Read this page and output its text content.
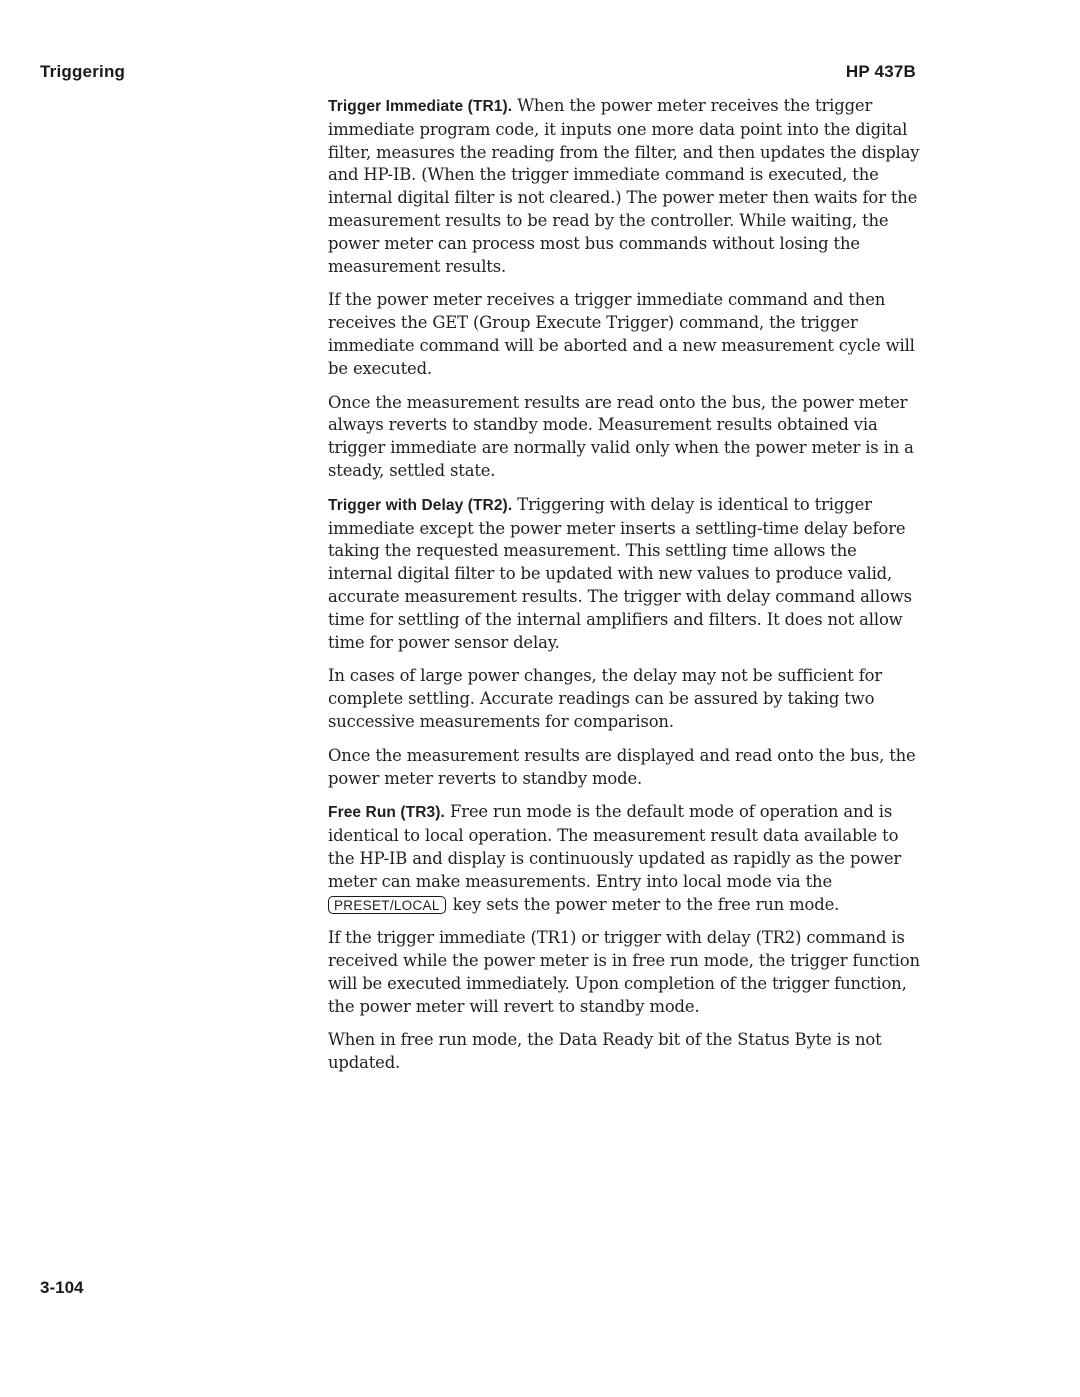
Triggering	HP 437B

Trigger Immediate (TR1). When the power meter receives the trigger immediate program code, it inputs one more data point into the digital filter, measures the reading from the filter, and then updates the display and HP-IB. (When the trigger immediate command is executed, the internal digital filter is not cleared.) The power meter then waits for the measurement results to be read by the controller. While waiting, the power meter can process most bus commands without losing the measurement results.

If the power meter receives a trigger immediate command and then receives the GET (Group Execute Trigger) command, the trigger immediate command will be aborted and a new measurement cycle will be executed.

Once the measurement results are read onto the bus, the power meter always reverts to standby mode. Measurement results obtained via trigger immediate are normally valid only when the power meter is in a steady, settled state.

Trigger with Delay (TR2). Triggering with delay is identical to trigger immediate except the power meter inserts a settling-time delay before taking the requested measurement. This settling time allows the internal digital filter to be updated with new values to produce valid, accurate measurement results. The trigger with delay command allows time for settling of the internal amplifiers and filters. It does not allow time for power sensor delay.

In cases of large power changes, the delay may not be sufficient for complete settling. Accurate readings can be assured by taking two successive measurements for comparison.

Once the measurement results are displayed and read onto the bus, the power meter reverts to standby mode.

Free Run (TR3). Free run mode is the default mode of operation and is identical to local operation. The measurement result data available to the HP-IB and display is continuously updated as rapidly as the power meter can make measurements. Entry into local mode via the PRESET/LOCAL key sets the power meter to the free run mode.

If the trigger immediate (TR1) or trigger with delay (TR2) command is received while the power meter is in free run mode, the trigger function will be executed immediately. Upon completion of the trigger function, the power meter will revert to standby mode.

When in free run mode, the Data Ready bit of the Status Byte is not updated.

3-104
